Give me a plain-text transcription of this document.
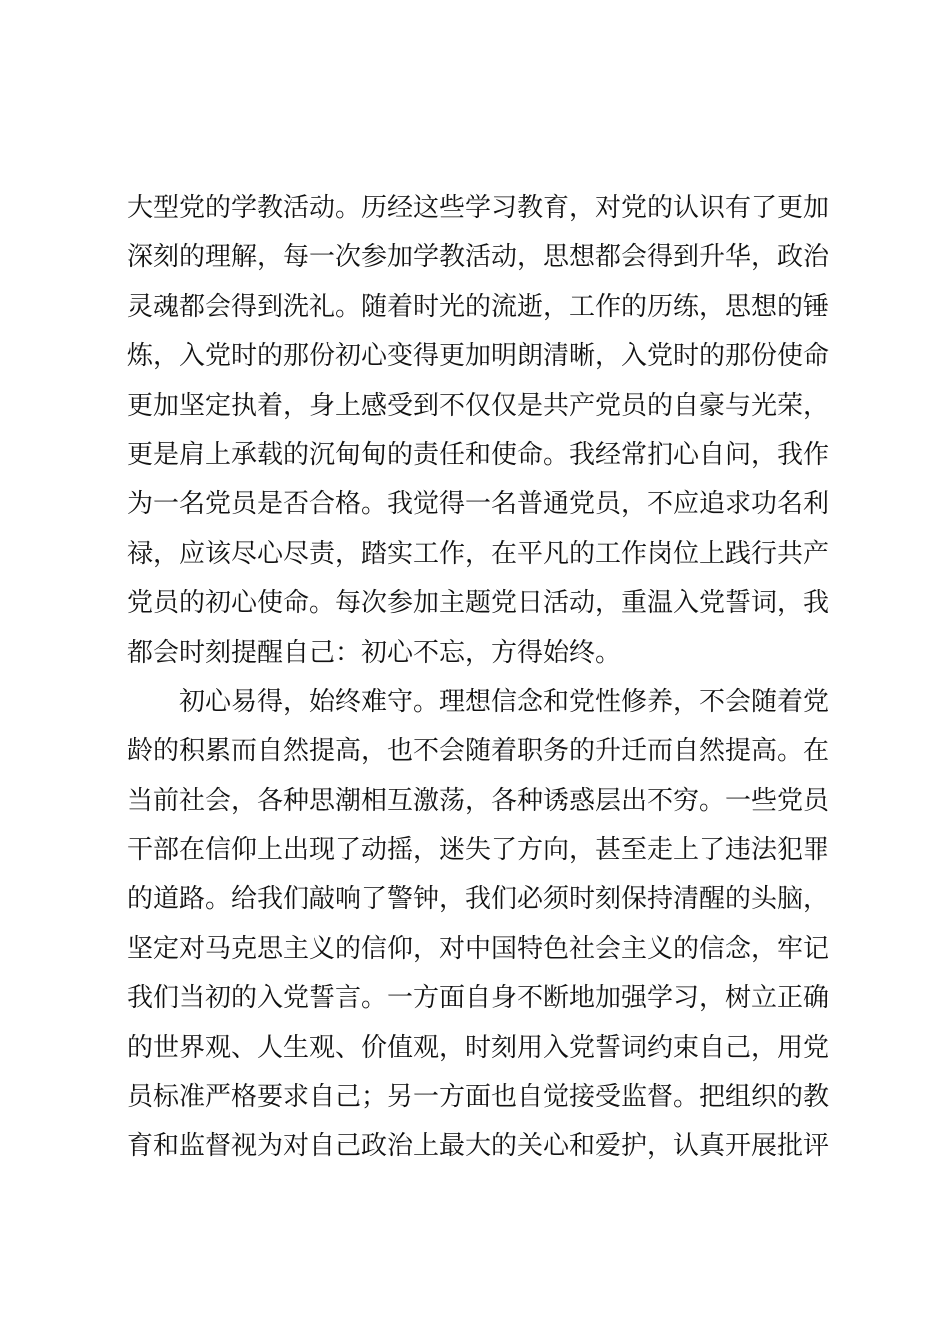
大型党的学教活动。历经这些学习教育，对党的认识有了更加
深刻的理解，每一次参加学教活动，思想都会得到升华，政治
灵魂都会得到洗礼。随着时光的流逝，工作的历练，思想的锤
炼，入党时的那份初心变得更加明朗清晰，入党时的那份使命
更加坚定执着，身上感受到不仅仅是共产党员的自豪与光荣，
更是肩上承载的沉甸甸的责任和使命。我经常扪心自问，我作
为一名党员是否合格。我觉得一名普通党员，不应追求功名利
禄，应该尽心尽责，踏实工作，在平凡的工作岗位上践行共产
党员的初心使命。每次参加主题党日活动，重温入党誓词，我
都会时刻提醒自己：初心不忘，方得始终。
初心易得，始终难守。理想信念和党性修养，不会随着党
龄的积累而自然提高，也不会随着职务的升迁而自然提高。在
当前社会，各种思潮相互激荡，各种诱惑层出不穷。一些党员
干部在信仰上出现了动摇，迷失了方向，甚至走上了违法犯罪
的道路。给我们敲响了警钟，我们必须时刻保持清醒的头脑，
坚定对马克思主义的信仰，对中国特色社会主义的信念，牢记
我们当初的入党誓言。一方面自身不断地加强学习，树立正确
的世界观、人生观、价值观，时刻用入党誓词约束自己，用党
员标准严格要求自己；另一方面也自觉接受监督。把组织的教
育和监督视为对自己政治上最大的关心和爱护，认真开展批评
